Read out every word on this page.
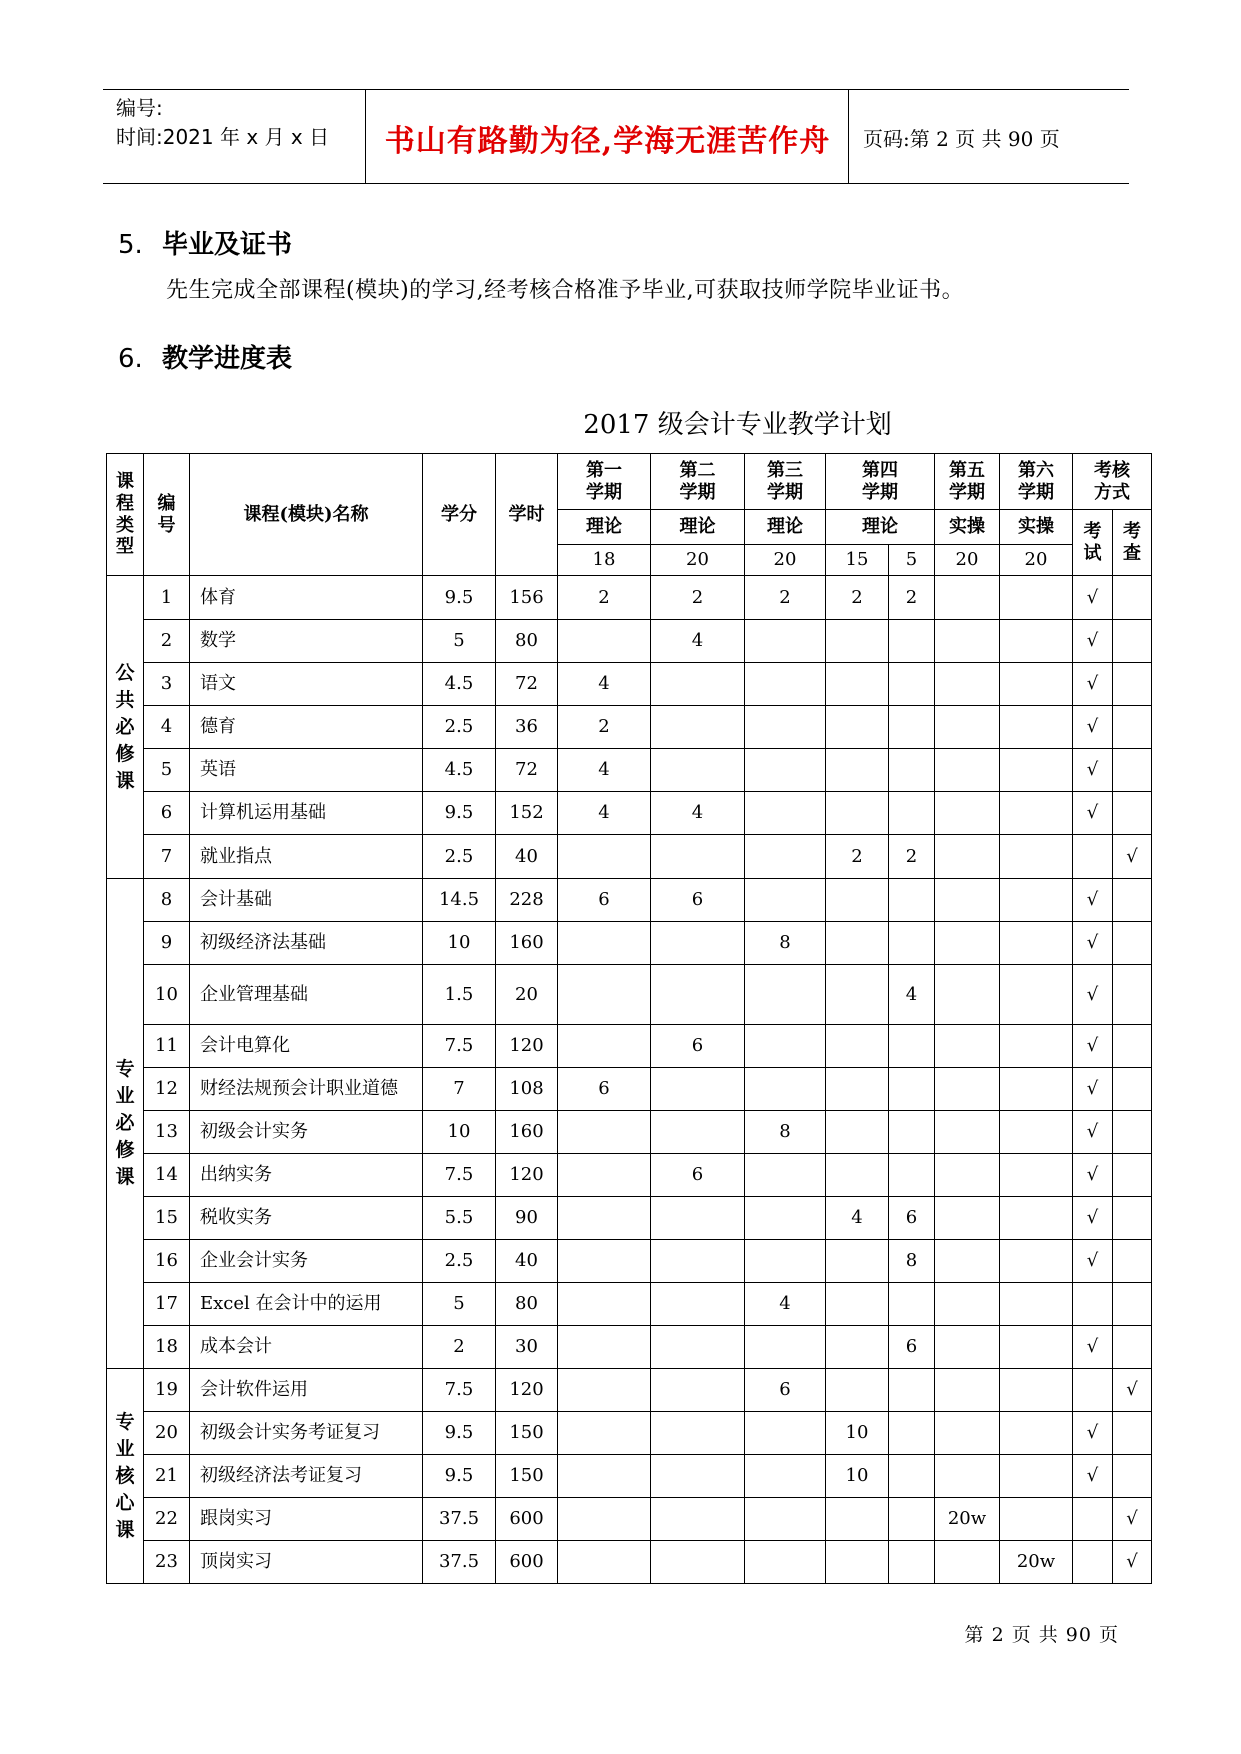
编号:
时间:2021 年 x 月 x 日	书山有路勤为径,学海无涯苦作舟	页码:第 2 页 共 90 页
5. 毕业及证书
先生完成全部课程(模块)的学习,经考核合格准予毕业,可获取技师学院毕业证书。
6. 教学进度表
2017 级会计专业教学计划
课程类型	编号	课程(模块)名称	学分	学时	第一学期	第二学期	第三学期	第四学期		第五学期	第六学期	考核方式	
					理论	理论	理论	理论		实操	实操	考试	考查
					18	20	20	15	5	20	20		
公共必修课	1	体育	9.5	156	2	2	2	2	2			√	
	2	数学	5	80		4						√	
	3	语文	4.5	72	4							√	
	4	德育	2.5	36	2							√	
	5	英语	4.5	72	4							√	
	6	计算机运用基础	9.5	152	4	4						√	
	7	就业指点	2.5	40				2	2				√
专业必修课	8	会计基础	14.5	228	6	6						√	
	9	初级经济法基础	10	160			8					√	
	10	企业管理基础	1.5	20					4			√	
	11	会计电算化	7.5	120		6						√	
	12	财经法规预会计职业道德	7	108	6							√	
	13	初级会计实务	10	160			8					√	
	14	出纳实务	7.5	120		6						√	
	15	税收实务	5.5	90				4	6			√	
	16	企业会计实务	2.5	40					8			√	
	17	Excel 在会计中的运用	5	80			4						
	18	成本会计	2	30					6			√	
专业核心课	19	会计软件运用	7.5	120			6						√
	20	初级会计实务考证复习	9.5	150				10				√	
	21	初级经济法考证复习	9.5	150				10				√	
	22	跟岗实习	37.5	600						20w			√
	23	顶岗实习	37.5	600							20w		√
第 2 页 共 90 页
